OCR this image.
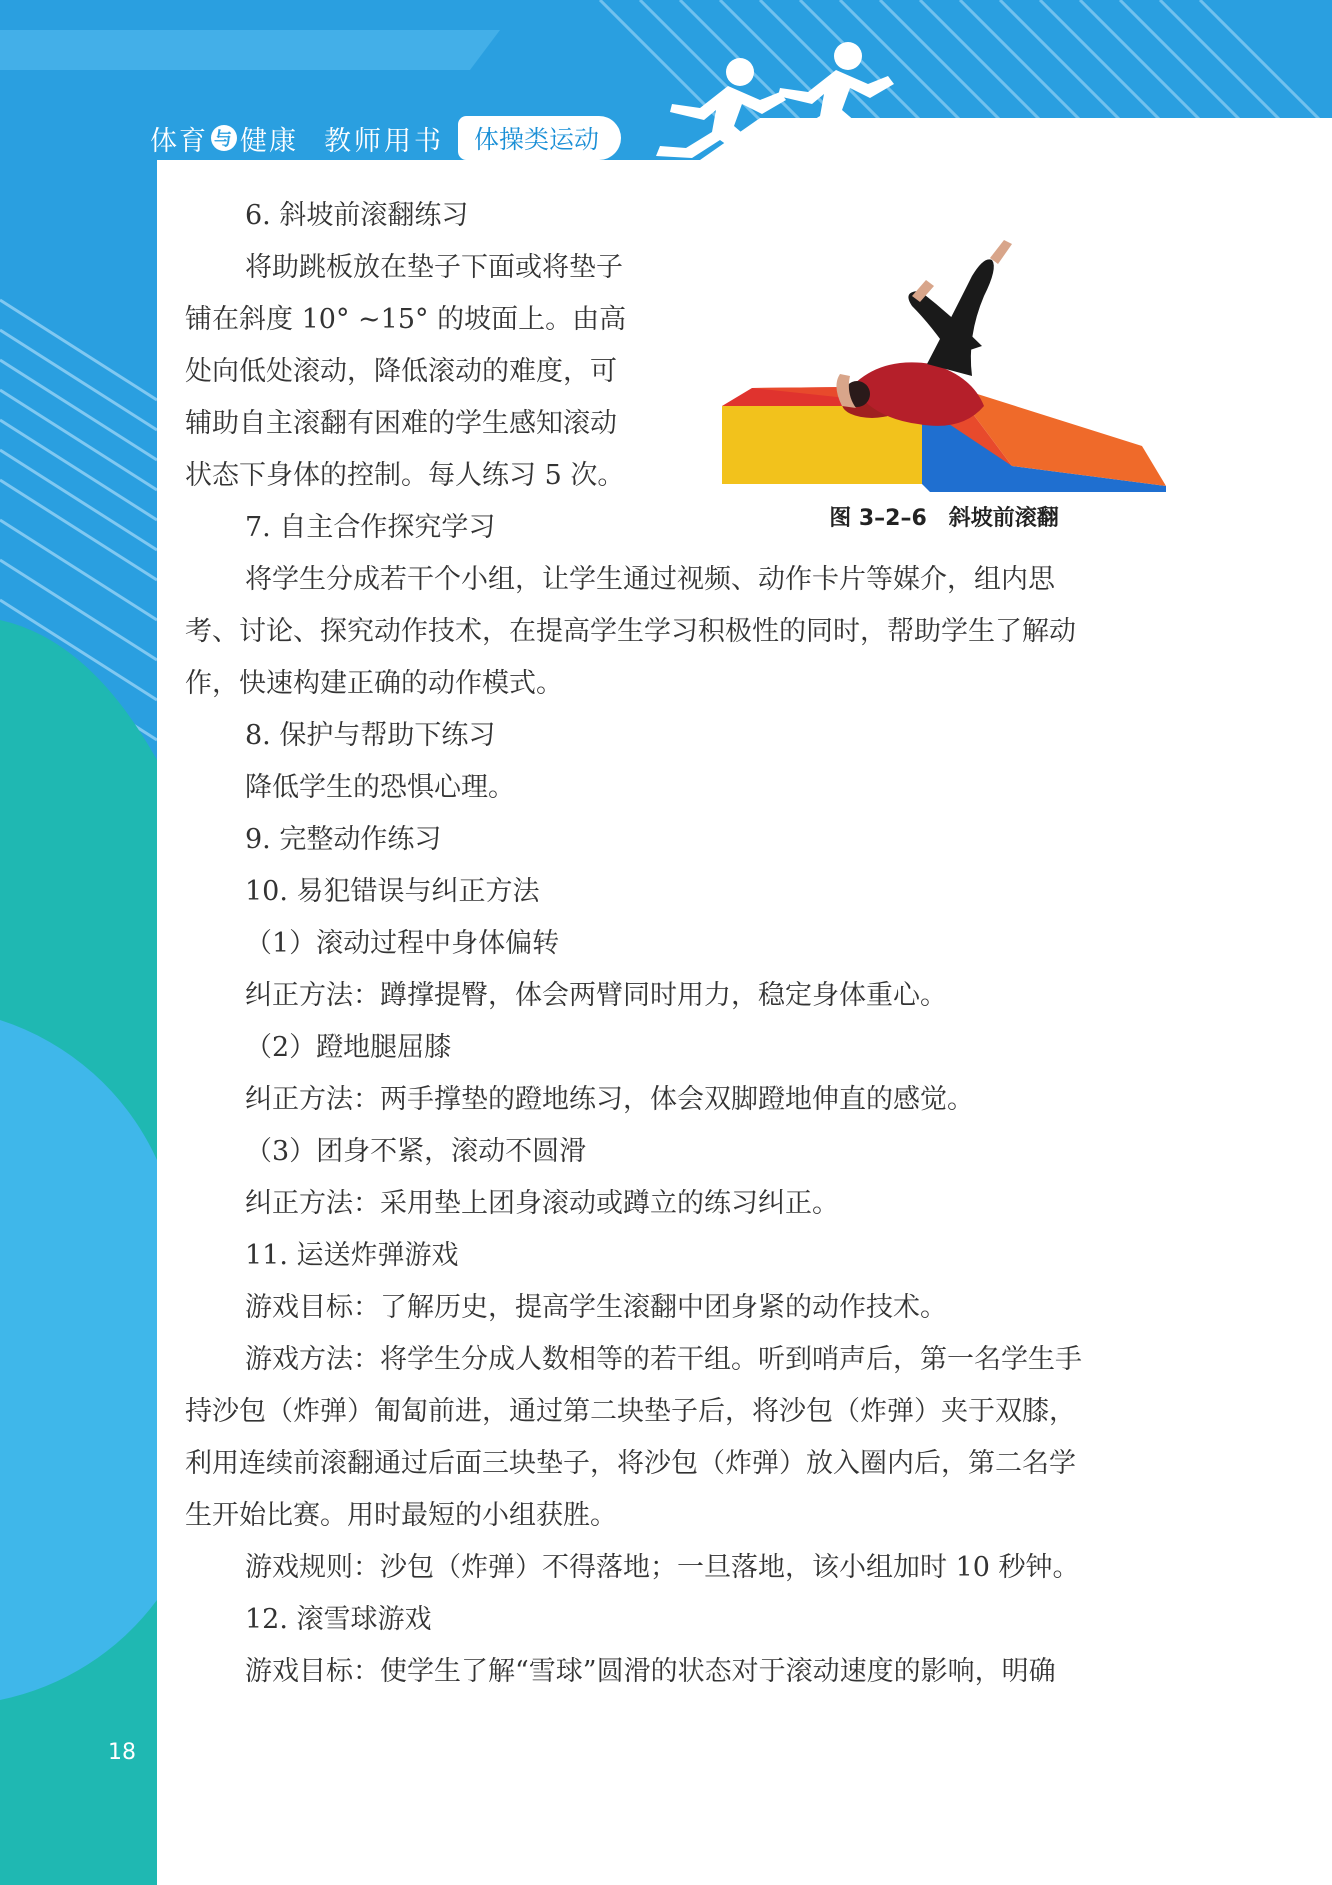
体育 与 健康 教师用书	体操类运动
图 3–2–6　斜坡前滚翻

6. 斜坡前滚翻练习

将助跳板放在垫子下面或将垫子

铺在斜度 10° ~15° 的坡面上。由高

处向低处滚动，降低滚动的难度，可

辅助自主滚翻有困难的学生感知滚动

状态下身体的控制。每人练习 5 次。

7. 自主合作探究学习

将学生分成若干个小组，让学生通过视频、动作卡片等媒介，组内思

考、讨论、探究动作技术，在提高学生学习积极性的同时，帮助学生了解动

作，快速构建正确的动作模式。

8. 保护与帮助下练习

降低学生的恐惧心理。

9. 完整动作练习

10. 易犯错误与纠正方法

（1）滚动过程中身体偏转

纠正方法：蹲撑提臀，体会两臂同时用力，稳定身体重心。

（2）蹬地腿屈膝

纠正方法：两手撑垫的蹬地练习，体会双脚蹬地伸直的感觉。

（3）团身不紧，滚动不圆滑

纠正方法：采用垫上团身滚动或蹲立的练习纠正。

11. 运送炸弹游戏

游戏目标：了解历史，提高学生滚翻中团身紧的动作技术。

游戏方法：将学生分成人数相等的若干组。听到哨声后，第一名学生手

持沙包（炸弹）匍匐前进，通过第二块垫子后，将沙包（炸弹）夹于双膝，

利用连续前滚翻通过后面三块垫子，将沙包（炸弹）放入圈内后，第二名学

生开始比赛。用时最短的小组获胜。

游戏规则：沙包（炸弹）不得落地；一旦落地，该小组加时 10 秒钟。

12. 滚雪球游戏

游戏目标：使学生了解“雪球”圆滑的状态对于滚动速度的影响，明确

18
